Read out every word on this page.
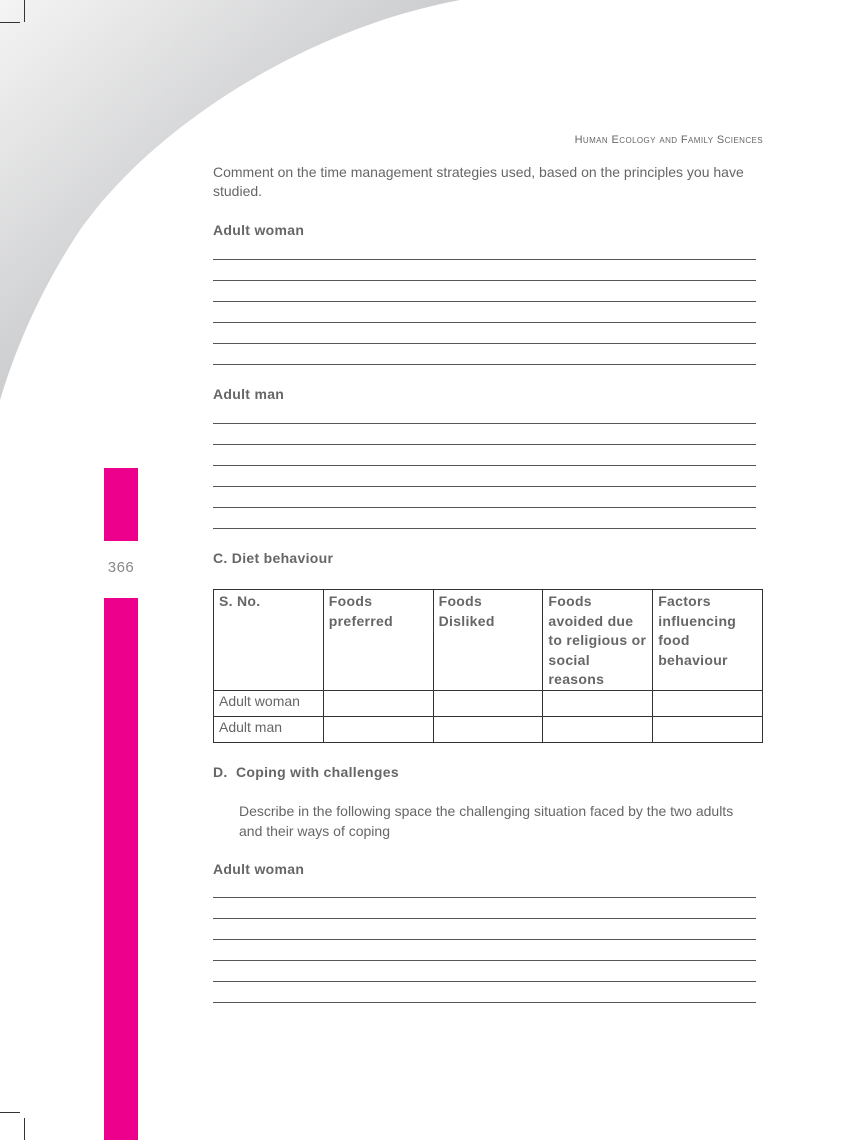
366
Human Ecology and Family Sciences
Comment on the time management strategies used, based on the principles you have studied.
Adult woman
Adult man
C. Diet behaviour
S. No.	Foods preferred	Foods Disliked	Foods avoided due to religious or social reasons	Factors influencing food behaviour
Adult woman				
Adult man				
D.  Coping with challenges
Describe in the following space the challenging situation faced by the two adults and their ways of coping
Adult woman
